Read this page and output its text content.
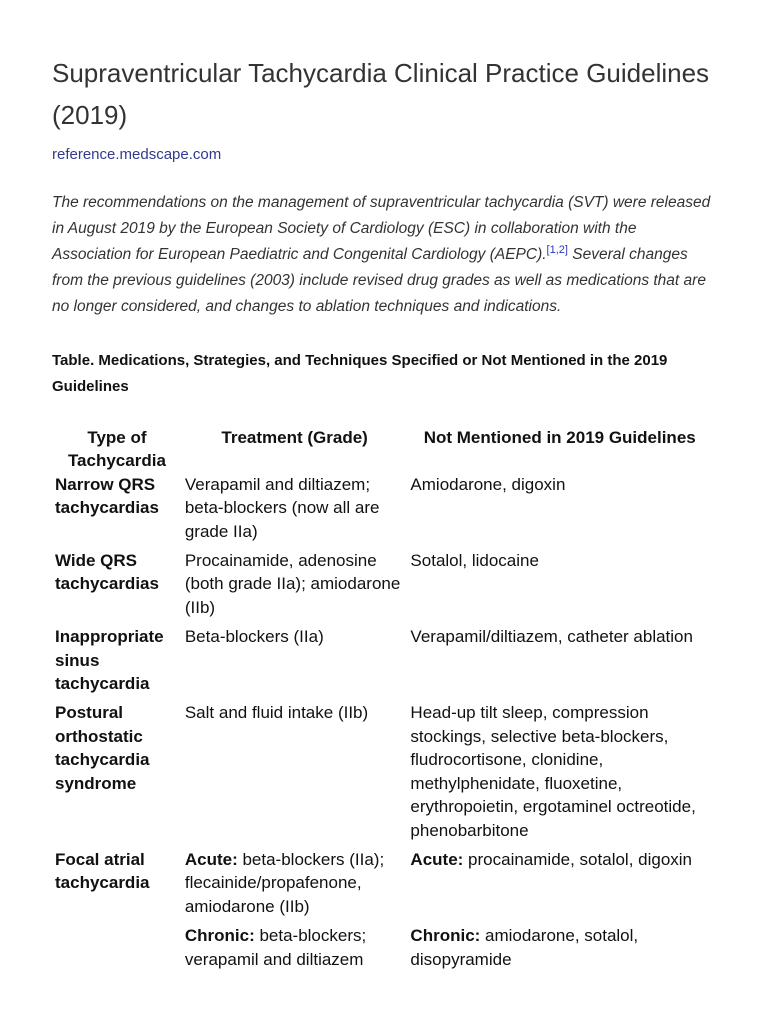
Supraventricular Tachycardia Clinical Practice Guidelines (2019)
reference.medscape.com

The recommendations on the management of supraventricular tachycardia (SVT) were released in August 2019 by the European Society of Cardiology (ESC) in collaboration with the Association for European Paediatric and Congenital Cardiology (AEPC).[1,2] Several changes from the previous guidelines (2003) include revised drug grades as well as medications that are no longer considered, and changes to ablation techniques and indications.

Table. Medications, Strategies, and Techniques Specified or Not Mentioned in the 2019 Guidelines
Type of Tachycardia	Treatment (Grade)	Not Mentioned in 2019 Guidelines
Narrow QRS tachycardias	Verapamil and diltiazem; beta-blockers (now all are grade IIa)	Amiodarone, digoxin
Wide QRS tachycardias	Procainamide, adenosine (both grade IIa); amiodarone (IIb)	Sotalol, lidocaine
Inappropriate sinus tachycardia	Beta-blockers (IIa)	Verapamil/diltiazem, catheter ablation
Postural orthostatic tachycardia syndrome	Salt and fluid intake (IIb)	Head-up tilt sleep, compression stockings, selective beta-blockers, fludrocortisone, clonidine, methylphenidate, fluoxetine, erythropoietin, ergotaminel octreotide, phenobarbitone
Focal atrial tachycardia	Acute: beta-blockers (IIa); flecainide/propafenone, amiodarone (IIb)	Acute: procainamide, sotalol, digoxin
	Chronic: beta-blockers; verapamil and diltiazem	Chronic: amiodarone, sotalol, disopyramide
